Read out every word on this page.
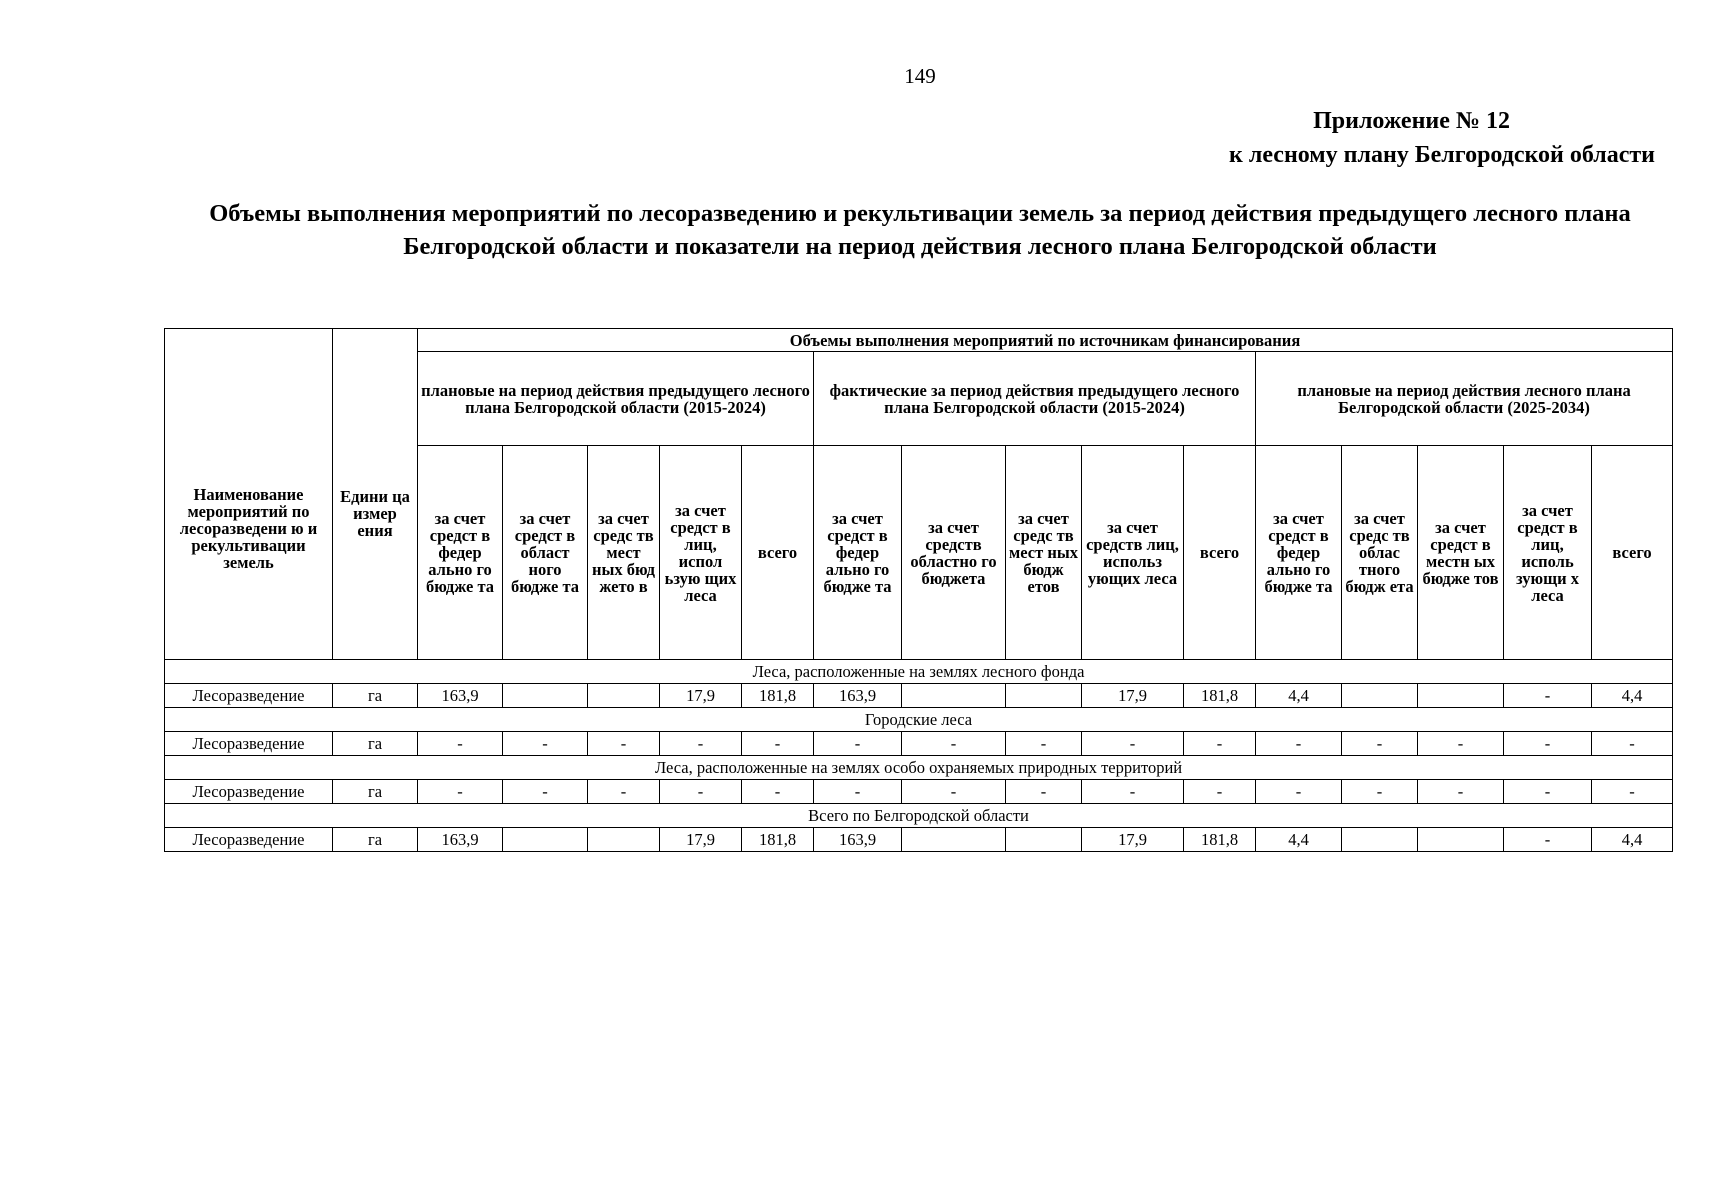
149
Приложение № 12
к лесному плану Белгородской области
Объемы выполнения мероприятий по лесоразведению и рекультивации земель за период действия предыдущего лесного плана Белгородской области и показатели на период действия лесного плана Белгородской области
Наименование мероприятий по лесоразведени ю и рекультивации земель	Едини ца измер ения	Объемы выполнения мероприятий по источникам финансирования														
		плановые на период действия предыдущего лесного плана Белгородской области (2015-2024)					фактические за период действия предыдущего лесного плана Белгородской области (2015-2024)					плановые на период действия лесного плана Белгородской области (2025-2034)				
		за счет средст в федер ально го бюдже та	за счет средст в област ного бюдже та	за счет средс тв мест ных бюд жето в	за счет средст в лиц, испол ьзую щих леса	всего	за счет средст в федер ально го бюдже та	за счет средств областно го бюджета	за счет средс тв мест ных бюдж етов	за счет средств лиц, использ ующих леса	всего	за счет средст в федер ально го бюдже та	за счет средс тв облас тного бюдж ета	за счет средст в местн ых бюдже тов	за счет средст в лиц, исполь зующи х леса	всего
Леса, расположенные на землях лесного фонда																
Лесоразведение	га	163,9			17,9	181,8	163,9			17,9	181,8	4,4			-	4,4
Городские леса																
Лесоразведение	га	-	-	-	-	-	-	-	-	-	-	-	-	-	-	-
Леса, расположенные на землях особо охраняемых природных территорий																
Лесоразведение	га	-	-	-	-	-	-	-	-	-	-	-	-	-	-	-
Всего по Белгородской области																
Лесоразведение	га	163,9			17,9	181,8	163,9			17,9	181,8	4,4			-	4,4
